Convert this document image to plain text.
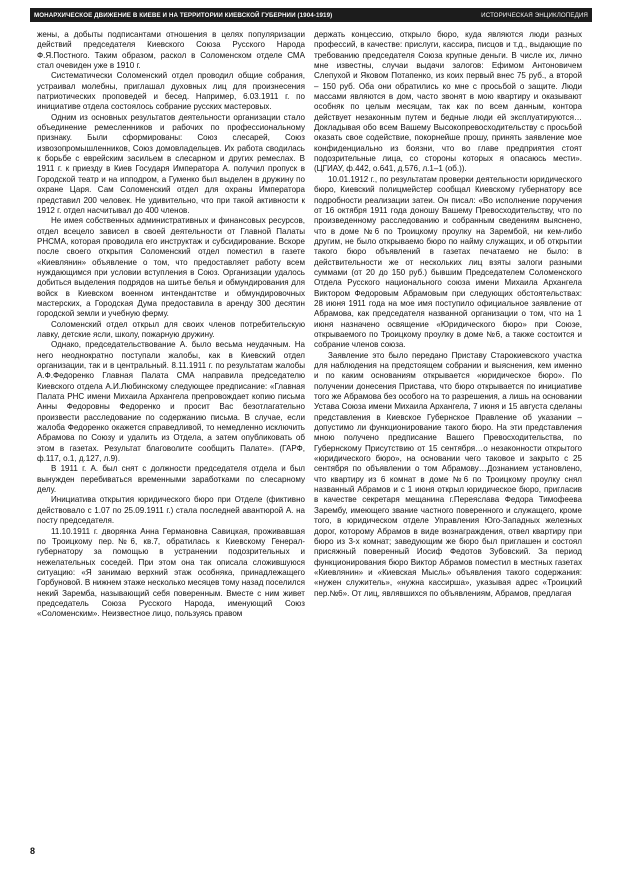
МОНАРХИЧЕСКОЕ ДВИЖЕНИЕ В КИЕВЕ И НА ТЕРРИТОРИИ КИЕВСКОЙ ГУБЕРНИИ (1904-1919)	ИСТОРИЧЕСКАЯ ЭНЦИКЛОПЕДИЯ

жены, а добыты подписантами отношения в целях популяризации действий председателя Киевского Союза Русского Народа Ф.Я.Постного. Таким образом, раскол в Соломенском отделе СМА стал очевиден уже в 1910 г.

Систематически Соломенский отдел проводил общие собрания, устраивал молебны, приглашал духовных лиц для произнесения патриотических проповедей и бесед. Например, 6.03.1911 г. по инициативе отдела состоялось собрание русских мастеровых.

Одним из основных результатов деятельности организации стало объединение ремесленников и рабочих по профессиональному признаку. Были сформированы: Союз слесарей, Союз извозопромышленников, Союз домовладельцев. Их работа сводилась к борьбе с еврейским засильем в слесарном и других ремеслах. В 1911 г. к приезду в Киев Государя Императора А. получил пропуск в Городской театр и на ипподром, а Гуменко был выделен в дружину по охране Царя. Сам Соломенский отдел для охраны Императора представил 200 человек. Не удивительно, что при такой активности к 1912 г. отдел насчитывал до 400 членов.

Не имея собственных административных и финансовых ресурсов, отдел всецело зависел в своей деятельности от Главной Палаты РНСМА, которая проводила его инструктаж и субсидирование. Вскоре после своего открытия Соломенский отдел поместил в газете «Киевлянин» объявление о том, что предоставляет работу всем нуждающимся при условии вступления в Союз. Организации удалось добиться выделения подрядов на шитье белья и обмундирования для войск в Киевском военном интендантстве и обмундировочных мастерских, а Городская Дума предоставила в аренду 300 десятин городской земли и учебную ферму.

Соломенский отдел открыл для своих членов потребительскую лавку, детские ясли, школу, пожарную дружину.

Однако, председательствование А. было весьма неудачным. На него неоднократно поступали жалобы, как в Киевский отдел организации, так и в центральный. 8.11.1911 г. по результатам жалобы А.Ф.Федоренко Главная Палата СМА направила председателю Киевского отдела А.И.Любинскому следующее предписание: «Главная Палата РНС имени Михаила Архангела препровождает копию письма Анны Федоровны Федоренко и просит Вас безотлагательно произвести расследование по содержанию письма. В случае, если жалоба Федоренко окажется справедливой, то немедленно исключить Абрамова по Союзу и удалить из Отдела, а затем опубликовать об этом в газетах. Результат благоволите сообщить Палате». (ГАРФ, ф.117, о.1, д.127, л.9).

В 1911 г. А. был снят с должности председателя отдела и был вынужден перебиваться временными заработками по слесарному делу.

Инициатива открытия юридического бюро при Отделе (фиктивно действовало с 1.07 по 25.09.1911 г.) стала последней авантюрой А. на посту председателя.

11.10.1911 г. дворянка Анна Германовна Савицкая, проживавшая по Троицкому пер.№6, кв.7, обратилась к Киевскому Генерал-губернатору за помощью в устранении подозрительных и нежелательных соседей. При этом она так описала сложившуюся ситуацию: «Я занимаю верхний этаж особняка, принадлежащего Горбуновой. В нижнем этаже несколько месяцев тому назад поселился некий Заремба, называющий себя поверенным. Вместе с ним живет председатель Союза Русского Народа, именующий Союз «Соломенским». Неизвестное лицо, пользуясь правом

держать концессию, открыло бюро, куда являются люди разных профессий, в качестве: прислуги, кассира, писцов и т.д., выдающие по требованию председателя Союза крупные деньги. В числе их, лично мне известны, случаи выдачи залогов: Ефимом Антоновичем Слепухой и Яковом Потапенко, из коих первый внес 75 руб., а второй – 150 руб. Оба они обратились ко мне с просьбой о защите. Люди массами являются в дом, часто звонят в мою квартиру и оказывают особняк по целым месяцам, так как по всем данным, контора действует незаконным путем и бедные люди ей эксплуатируются…Докладывая обо всем Вашему Высокопревосходительству с просьбой оказать свое содействие, покорнейше прошу, принять заявление мое конфиденциально из боязни, что во главе предприятия стоят подозрительные лица, со стороны которых я опасаюсь мести». (ЦГИАУ, ф.442, о.641, д.576, л.1–1 (об.)).

10.01.1912 г., по результатам проверки деятельности юридического бюро, Киевский полицмейстер сообщал Киевскому губернатору все подробности реализации затеи. Он писал: «Во исполнение поручения от 16 октября 1911 года доношу Вашему Превосходительству, что по произведенному расследованию и собранным сведениям выяснено, что в доме №6 по Троицкому проулку на Зарембой, ни кем-либо другим, не было открываемо бюро по найму служащих, и об открытии такого бюро объявлений в газетах печатаемо не было: в действительности же от нескольких лиц взяты залоги разными суммами (от 20 до 150 руб.) бывшим Председателем Соломенского Отдела Русского национального союза имени Михаила Архангела Виктором Федоровым Абрамовым при следующих обстоятельствах: 28 июня 1911 года на мое имя поступило официальное заявление от Абрамова, как председателя названной организации о том, что на 1 июня назначено освящение «Юридического бюро» при Союзе, открываемого по Троицкому проулку в доме №6, а также состоится и собрание членов союза.

Заявление это было передано Приставу Старокиевского участка для наблюдения на предстоящем собрании и выяснения, кем именно и по каким основаниям открывается «юридическое бюро». По получении донесения Пристава, что бюро открывается по инициативе того же Абрамова без особого на то разрешения, а лишь на основании Устава Союза имени Михаила Архангела, 7 июня и 15 августа сделаны представления в Киевское Губернское Правление об указании – допустимо ли функционирование такого бюро. На эти представления мною получено предписание Вашего Превосходительства, по Губернскому Присутствию от 15 сентября…о незаконности открытого «юридического бюро», на основании чего таковое и закрыто с 25 сентября по объявлении о том Абрамову…Дознанием установлено, что квартиру из 6 комнат в доме №6 по Троицкому проулку снял названный Абрамов и с 1 июня открыл юридическое бюро, пригласив в качестве секретаря мещанина г.Переяслава Федора Тимофеева Зарембу, имеющего звание частного поверенного и служащего, кроме того, в юридическом отделе Управления Юго-Западных железных дорог, которому Абрамов в виде вознаграждения, отвел квартиру при бюро из 3-х комнат; заведующим же бюро был приглашен и состоял присяжный поверенный Иосиф Федотов Зубовский. За период функционирования бюро Виктор Абрамов поместил в местных газетах «Киевлянин» и «Киевская Мысль» объявления такого содержания: «нужен служитель», «нужна кассирша», указывая адрес «Троицкий пер.№6». От лиц, являвшихся по объявлениям, Абрамов, предлагая

8
